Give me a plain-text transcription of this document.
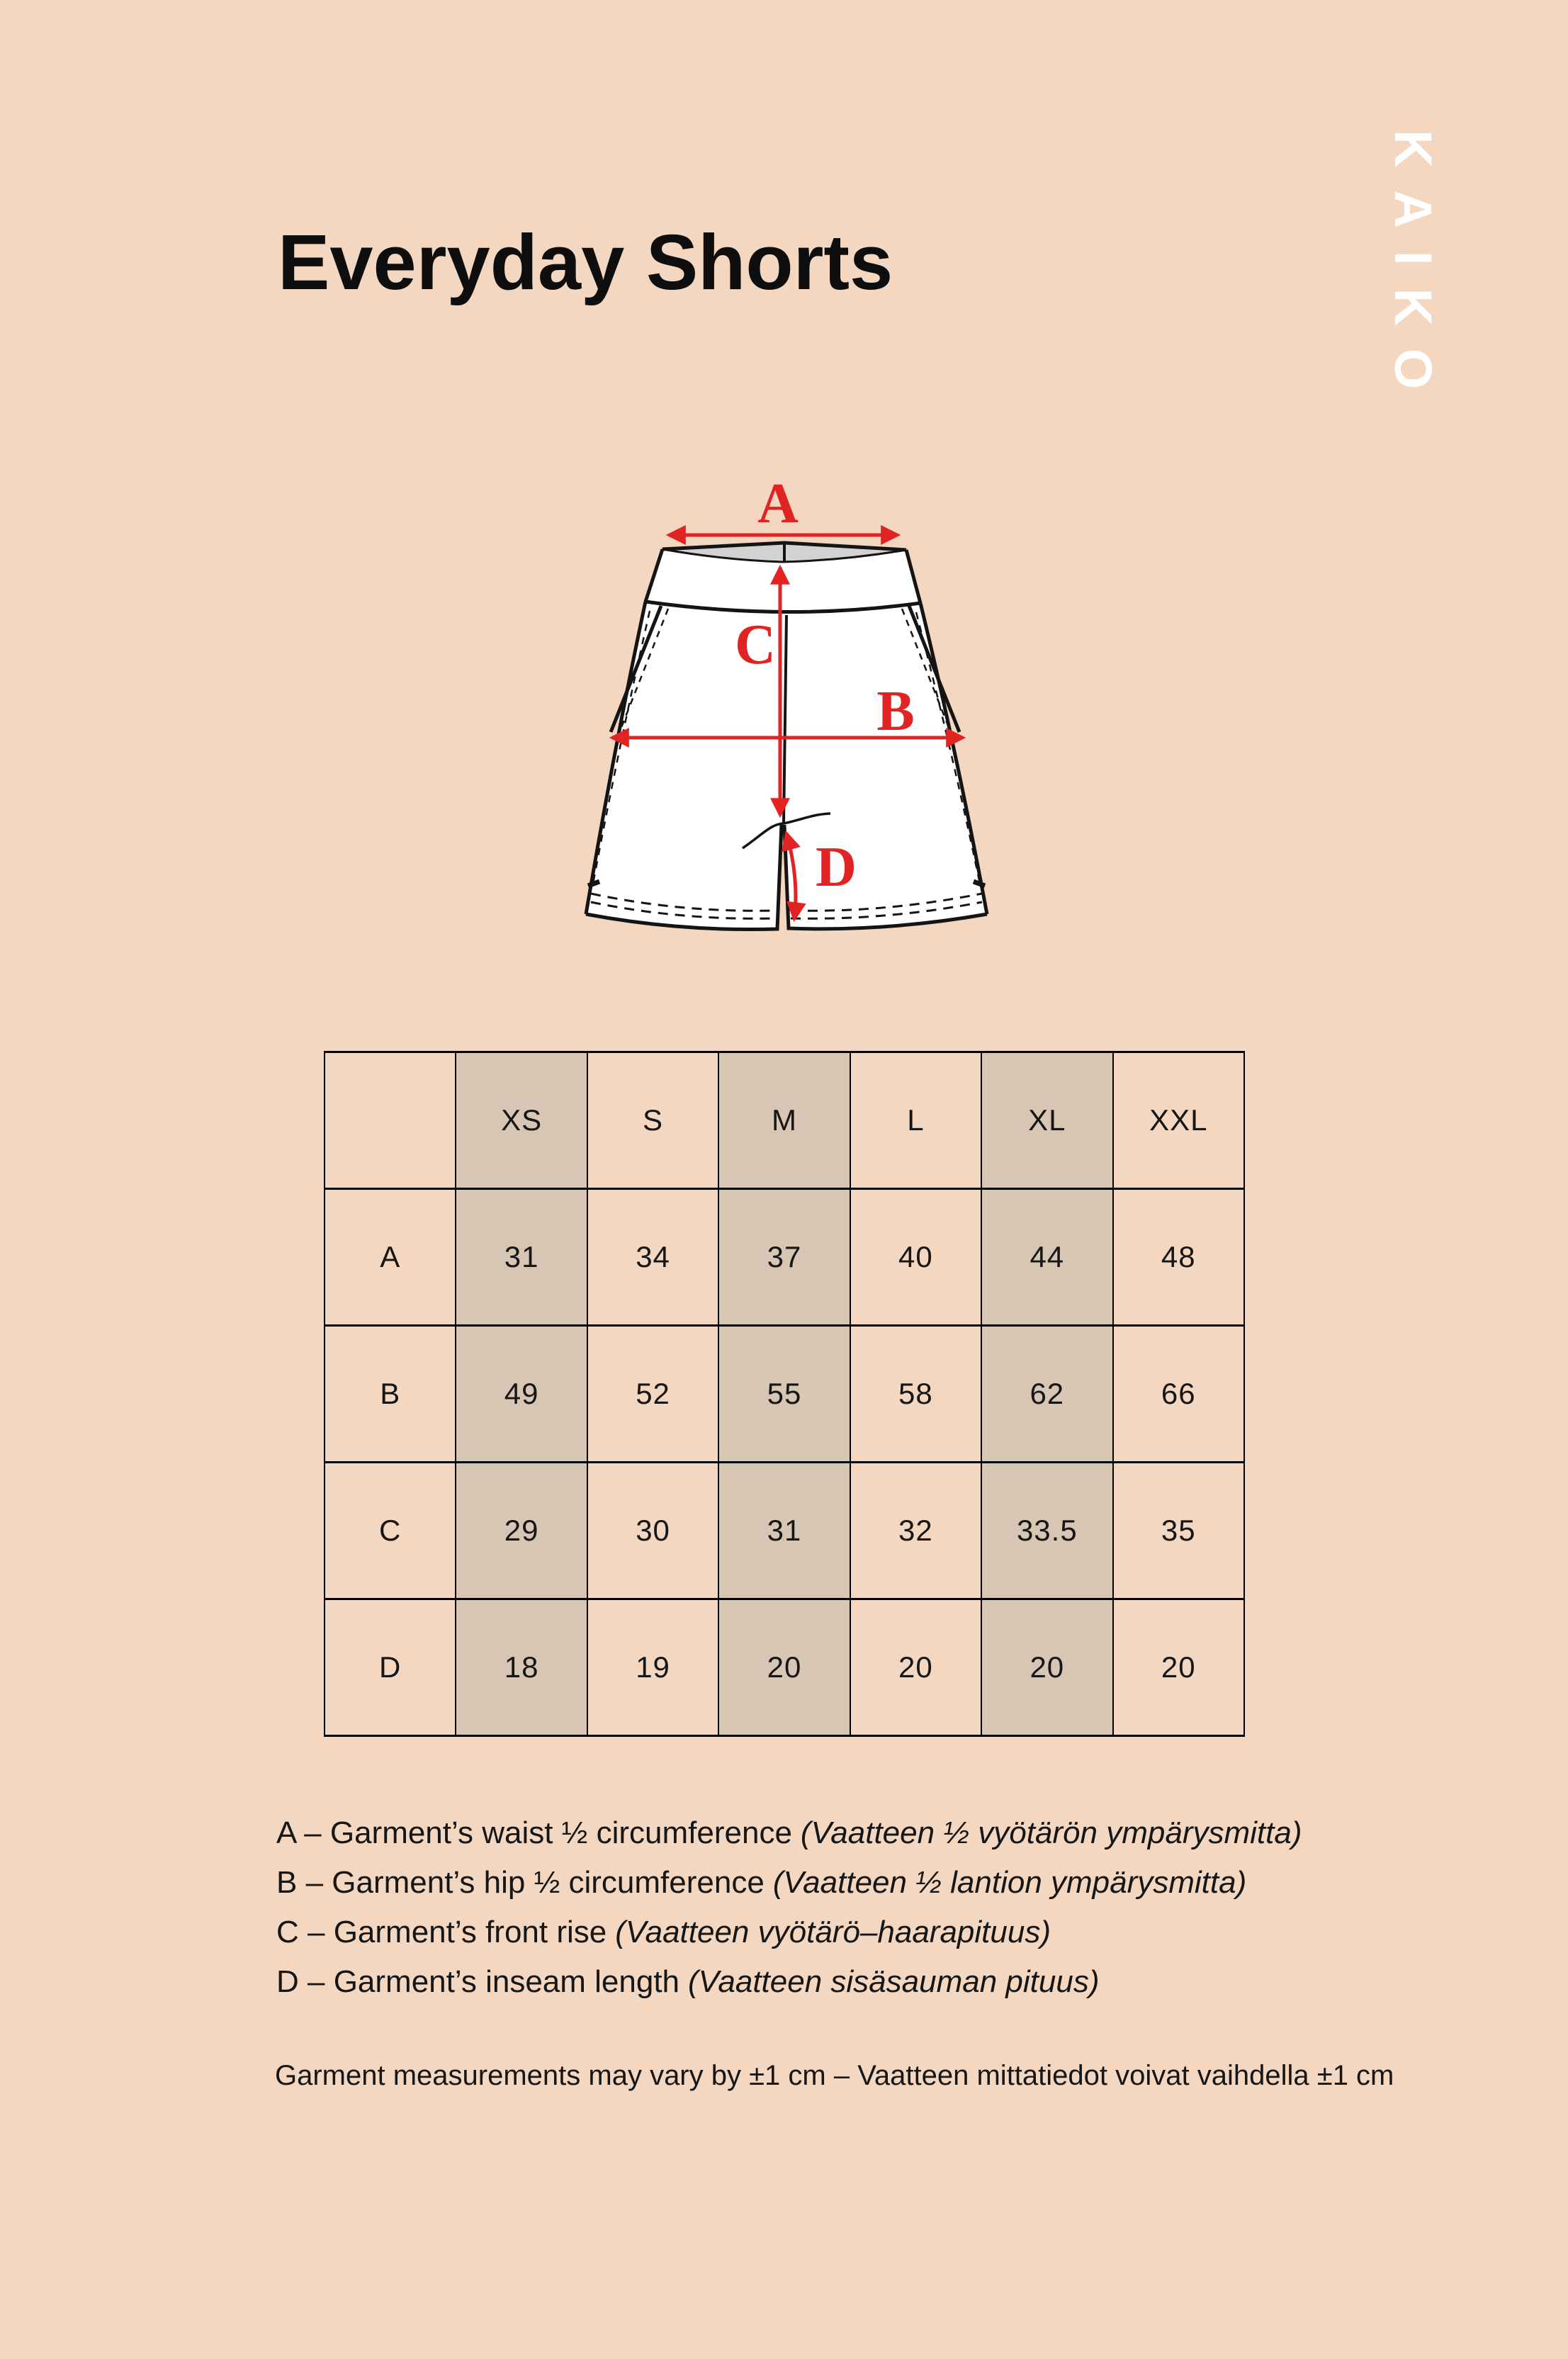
Everyday Shorts	KAIKO
A
C
B
D
	XS	S	M	L	XL	XXL
A	31	34	37	40	44	48
B	49	52	55	58	62	66
C	29	30	31	32	33.5	35
D	18	19	20	20	20	20
A – Garment’s waist ½ circumference (Vaatteen ½ vyötärön ympärysmitta)
B – Garment’s hip ½ circumference (Vaatteen ½ lantion ympärysmitta)
C – Garment’s front rise (Vaatteen vyötärö–haarapituus)
D – Garment’s inseam length (Vaatteen sisäsauman pituus)
Garment measurements may vary by ±1 cm – Vaatteen mittatiedot voivat vaihdella ±1 cm
